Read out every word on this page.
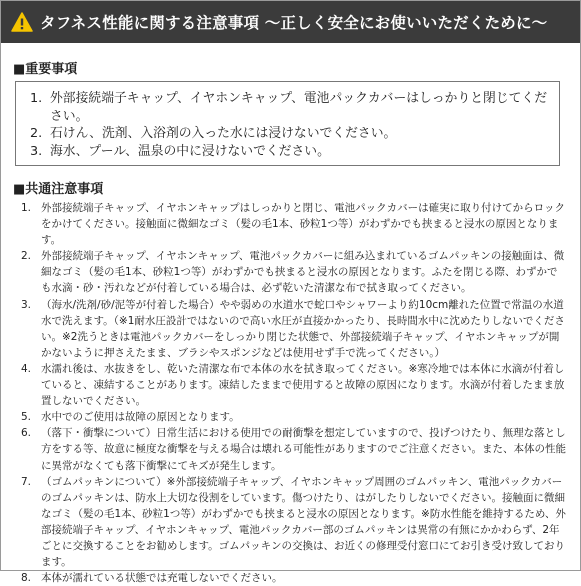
タフネス性能に関する注意事項 ～正しく安全にお使いいただくために～
■重要事項
1. 外部接続端子キャップ、イヤホンキャップ、電池パックカバーはしっかりと閉じてください。
2. 石けん、洗剤、入浴剤の入った水には浸けないでください。
3. 海水、プール、温泉の中に浸けないでください。
■共通注意事項
1. 外部接続端子キャップ、イヤホンキャップはしっかりと閉じ、電池パックカバーは確実に取り付けてからロックをかけてください。接触面に微細なゴミ（髪の毛1本、砂粒1つ等）がわずかでも挟まると浸水の原因となります。
2. 外部接続端子キャップ、イヤホンキャップ、電池パックカバーに組み込まれているゴムパッキンの接触面は、微細なゴミ（髪の毛1本、砂粒1つ等）がわずかでも挟まると浸水の原因となります。ふたを閉じる際、わずかでも水滴・砂・汚れなどが付着している場合は、必ず乾いた清潔な布で拭き取ってください。
3. （海水/洗剤/砂/泥等が付着した場合）やや弱めの水道水で蛇口やシャワーより約10cm離れた位置で常温の水道水で洗えます。（※1耐水圧設計ではないので高い水圧が直接かかったり、長時間水中に沈めたりしないでください。※2洗うときは電池パックカバーをしっかり閉じた状態で、外部接続端子キャップ、イヤホンキャップが開かないように押さえたまま、ブラシやスポンジなどは使用せず手で洗ってください。）
4. 水濡れ後は、水抜きをし、乾いた清潔な布で本体の水を拭き取ってください。※寒冷地では本体に水滴が付着していると、凍結することがあります。凍結したままで使用すると故障の原因になります。水滴が付着したまま放置しないでください。
5. 水中でのご使用は故障の原因となります。
6. （落下・衝撃について）日常生活における使用での耐衝撃を想定していますので、投げつけたり、無理な落とし方をする等、故意に極度な衝撃を与える場合は壊れる可能性がありますのでご注意ください。また、本体の性能に異常がなくても落下衝撃にてキズが発生します。
7. （ゴムパッキンについて）※外部接続端子キャップ、イヤホンキャップ周囲のゴムパッキン、電池パックカバーのゴムパッキンは、防水上大切な役割をしています。傷つけたり、はがしたりしないでください。接触面に微細なゴミ（髪の毛1本、砂粒1つ等）がわずかでも挟まると浸水の原因となります。※防水性能を維持するため、外部接続端子キャップ、イヤホンキャップ、電池パックカバー部のゴムパッキンは異常の有無にかかわらず、2年ごとに交換することをお勧めします。ゴムパッキンの交換は、お近くの修理受付窓口にてお引き受け致しております。
8. 本体が濡れている状態では充電しないでください。
